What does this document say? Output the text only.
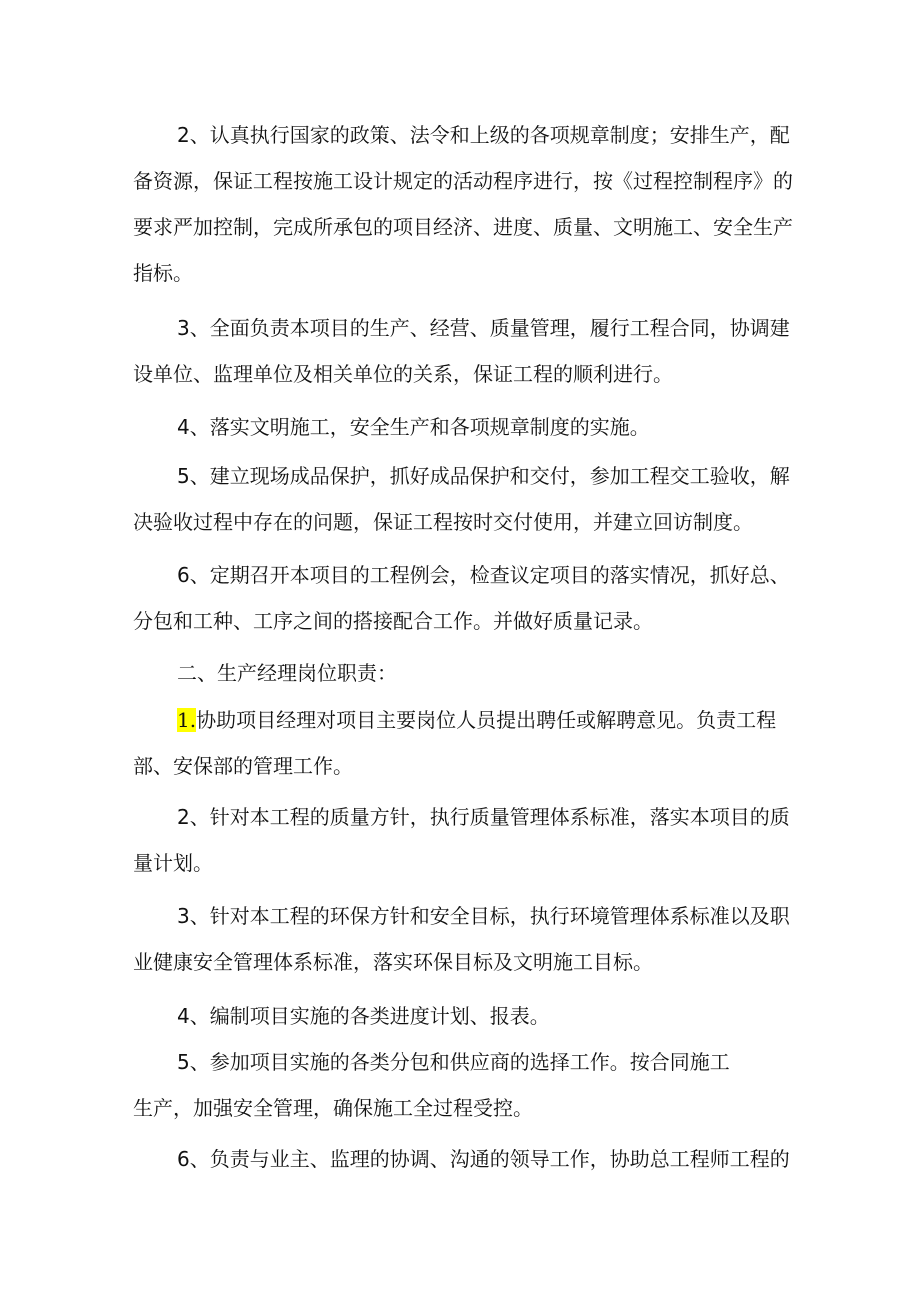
2、认真执行国家的政策、法令和上级的各项规章制度；安排生产，配备资源，保证工程按施工设计规定的活动程序进行，按《过程控制程序》的要求严加控制，完成所承包的项目经济、进度、质量、文明施工、安全生产指标。

3、全面负责本项目的生产、经营、质量管理，履行工程合同，协调建设单位、监理单位及相关单位的关系，保证工程的顺利进行。

4、落实文明施工，安全生产和各项规章制度的实施。

5、建立现场成品保护，抓好成品保护和交付，参加工程交工验收，解决验收过程中存在的问题，保证工程按时交付使用，并建立回访制度。

6、定期召开本项目的工程例会，检查议定项目的落实情况，抓好总、分包和工种、工序之间的搭接配合工作。并做好质量记录。

二、生产经理岗位职责：

1.协助项目经理对项目主要岗位人员提出聘任或解聘意见。负责工程部、安保部的管理工作。

2、针对本工程的质量方针，执行质量管理体系标准，落实本项目的质量计划。

3、针对本工程的环保方针和安全目标，执行环境管理体系标准以及职业健康安全管理体系标准，落实环保目标及文明施工目标。

4、编制项目实施的各类进度计划、报表。

5、参加项目实施的各类分包和供应商的选择工作。按合同施工
生产，加强安全管理，确保施工全过程受控。

6、负责与业主、监理的协调、沟通的领导工作，协助总工程师工程的
